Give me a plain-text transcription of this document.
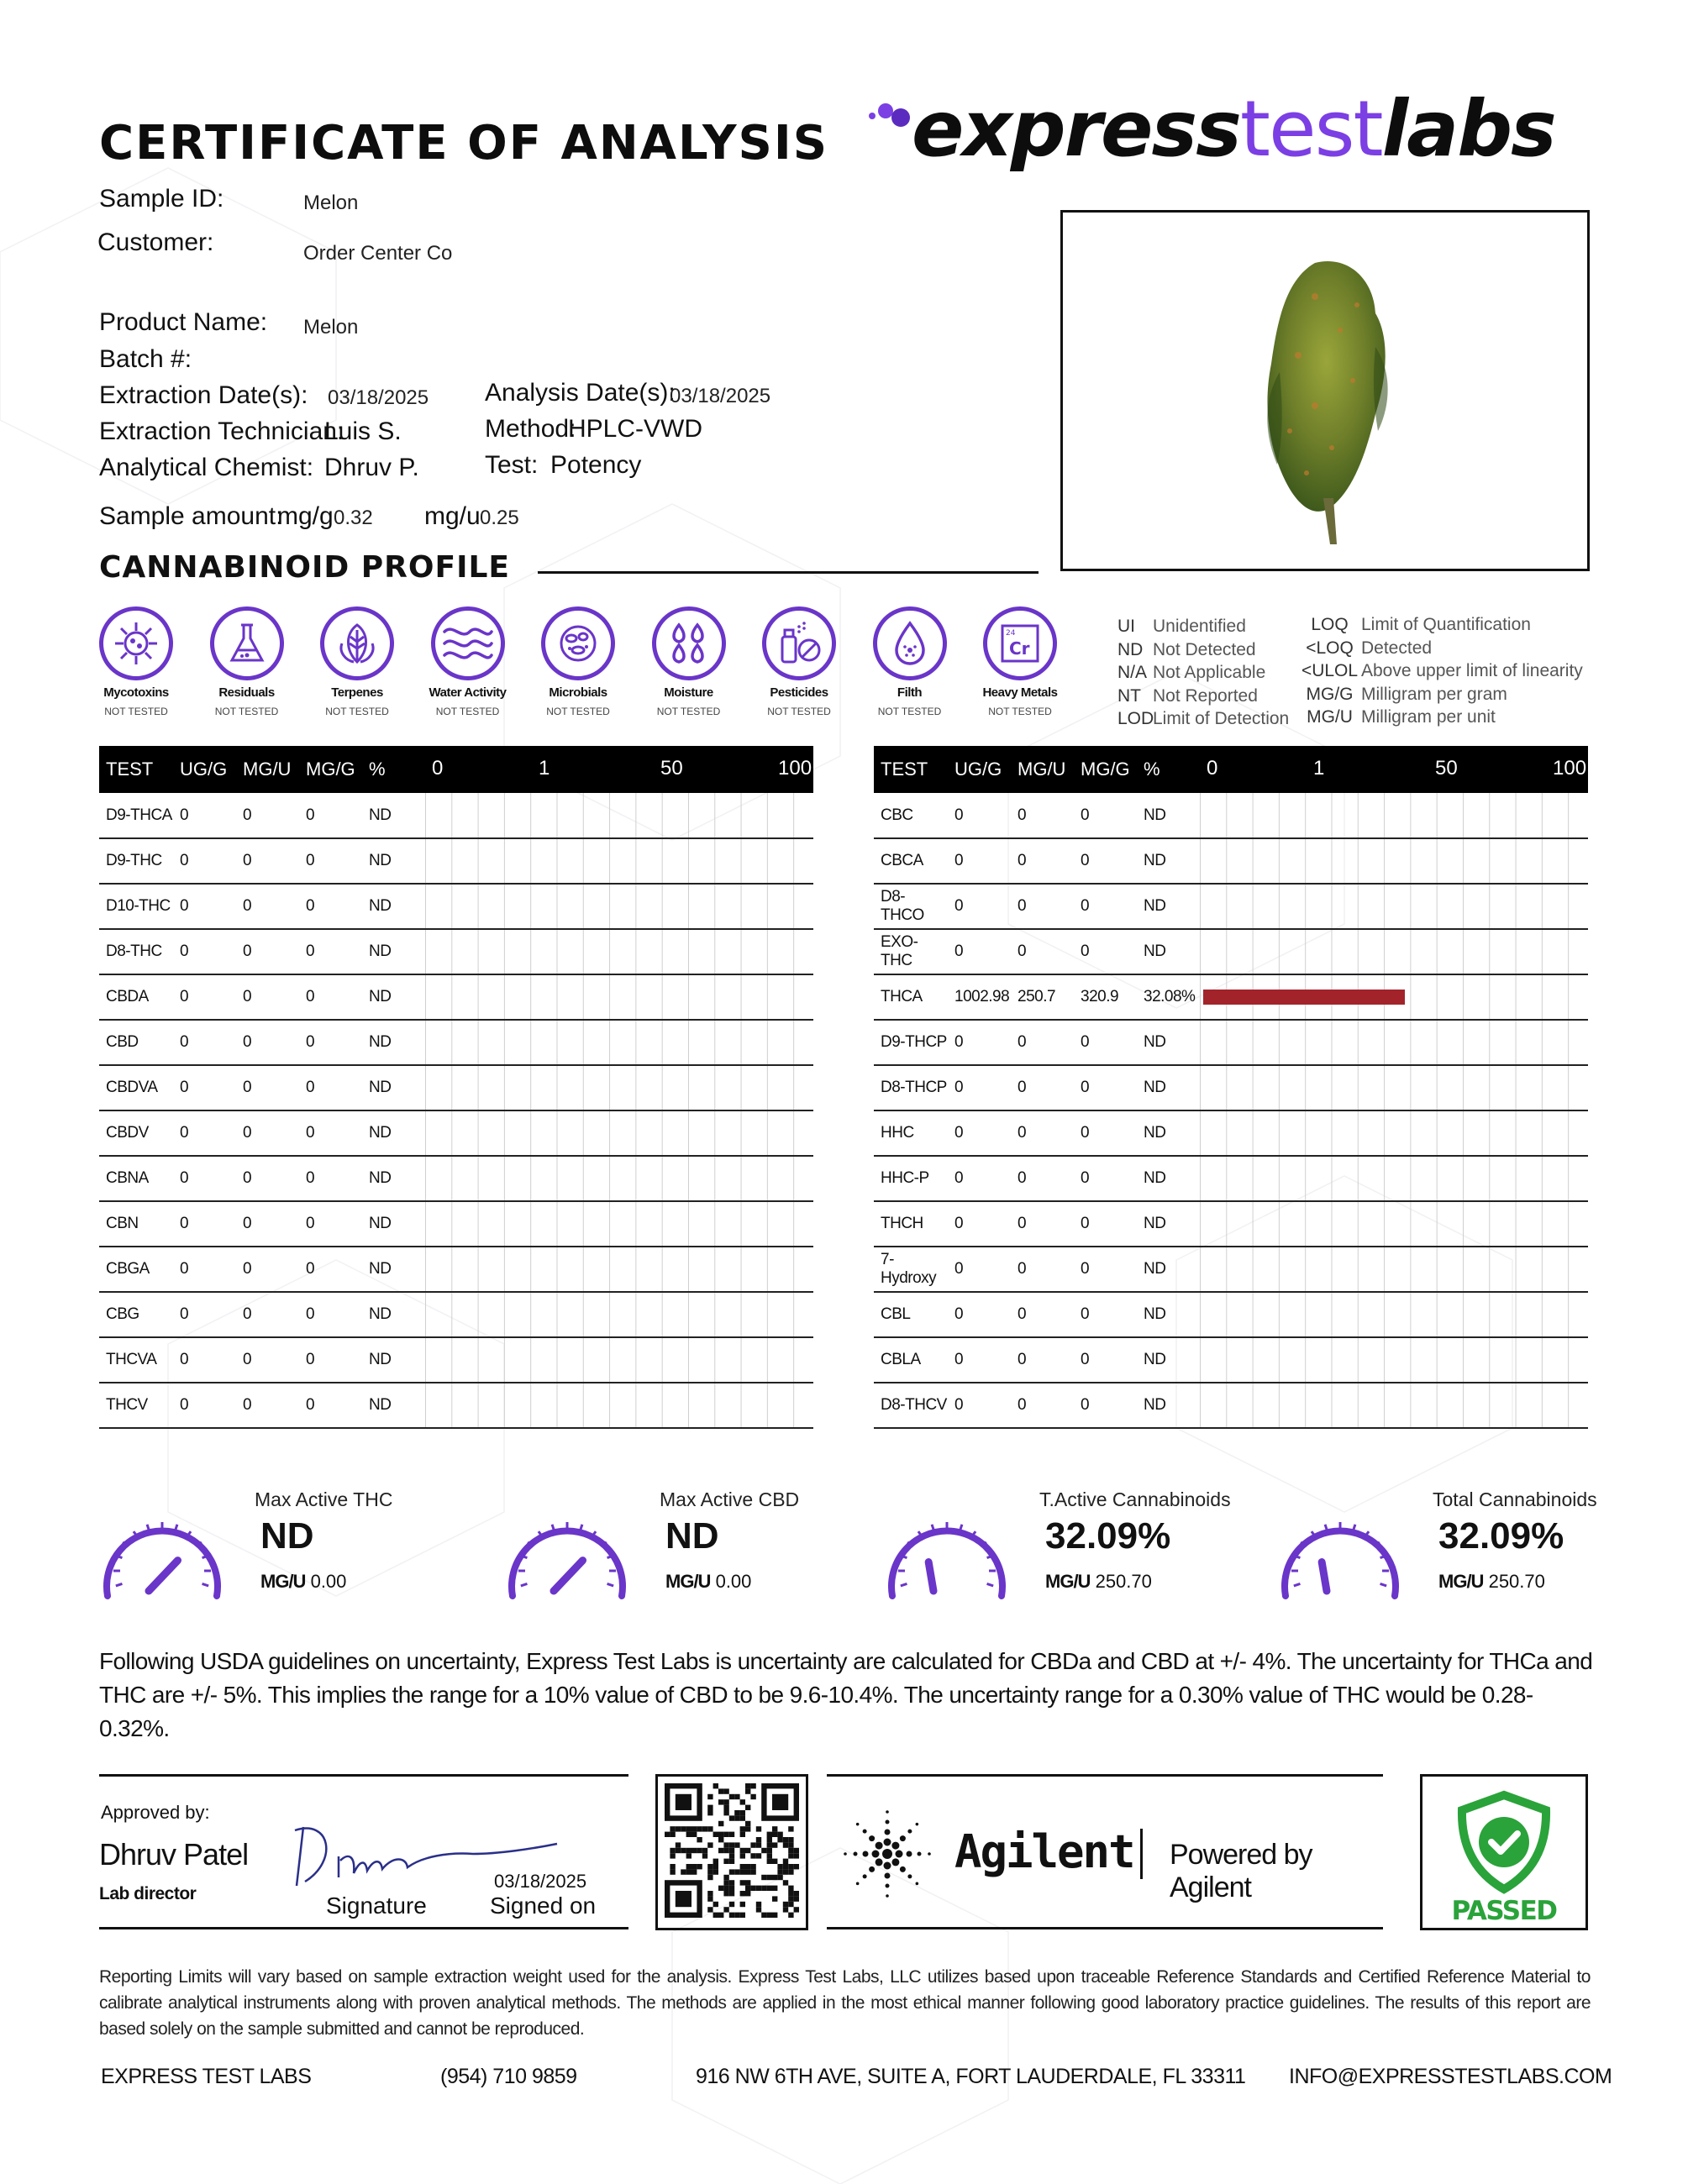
CERTIFICATE OF ANALYSIS expresstestlabs
Sample ID:	Melon
Customer:	Order Center Co
Product Name: Melon
Batch #:
Extraction Date(s): 03/18/2025 Analysis Date(s):
03/18/2025
Extraction Technician:
Luis S.	Method:
HPLC-VWD
Analytical Chemist: Dhruv P.	Test: Potency
Sample amount:
mg/g 0.32 mg/u 0.25
CANNABINOID PROFILE
Mycotoxins
NOT TESTED
Residuals
NOT TESTED
Terpenes
NOT TESTED
Water Activity
NOT TESTED
Microbials
NOT TESTED
Moisture
NOT TESTED
Pesticides
NOT TESTED
Filth
NOT TESTED
24
Cr
Heavy Metals
NOT TESTED
UI Unidentified
ND Not Detected
N/A Not Applicable
NT Not Reported
LODLimit of Detection
LOQ Limit of Quantification
<LOQ Detected
<ULOL Above upper limit of linearity
MG/G Milligram per gram
MG/U Milligram per unit
TEST	UG/G	MG/U	MG/G	%	0 1 50 100

D9-THCA	0	0	0	ND	
D9-THC	0	0	0	ND	
D10-THC	0	0	0	ND	
D8-THC	0	0	0	ND	
CBDA	0	0	0	ND	
CBD	0	0	0	ND	
CBDVA	0	0	0	ND	
CBDV	0	0	0	ND	
CBNA	0	0	0	ND	
CBN	0	0	0	ND	
CBGA	0	0	0	ND	
CBG	0	0	0	ND	
THCVA	0	0	0	ND	
THCV	0	0	0	ND	
TEST	UG/G	MG/U	MG/G	%	0 1 50 100

CBC	0	0	0	ND	
CBCA	0	0	0	ND	
D8-THCO	0	0	0	ND	
EXO-THC	0	0	0	ND	
THCA	1002.98	250.7	320.9	32.08%	

D9-THCP	0	0	0	ND	
D8-THCP	0	0	0	ND	
HHC	0	0	0	ND	
HHC-P	0	0	0	ND	
THCH	0	0	0	ND	
7-Hydroxy	0	0	0	ND	
CBL	0	0	0	ND	
CBLA	0	0	0	ND	
D8-THCV	0	0	0	ND	
Max Active THC
ND
MG/U 0.00
Max Active CBD
ND
MG/U 0.00
T.Active Cannabinoids
32.09%
MG/U 250.70
Total Cannabinoids
32.09%
MG/U 250.70
Following USDA guidelines on uncertainty, Express Test Labs is uncertainty are calculated for CBDa and CBD at +/- 4%. The uncertainty for THCa and THC are +/- 5%. This implies the range for a 10% value of CBD to be 9.6-10.4%. The uncertainty range for a 0.30% value of THC would be 0.28-0.32%.
Approved by:
Dhruv Patel
Lab director	Signature
03/18/2025
Signed on
Agilent Powered by Agilent
PASSED
Reporting Limits will vary based on sample extraction weight used for the analysis. Express Test Labs, LLC utilizes based upon traceable Reference Standards and Certified Reference Material to calibrate analytical instruments along with proven analytical methods. The methods are applied in the most ethical manner following good laboratory practice guidelines. The results of this report are based solely on the sample submitted and cannot be reproduced.
EXPRESS TEST LABS	(954) 710 9859	916 NW 6TH AVE, SUITE A, FORT LAUDERDALE, FL 33311 INFO@EXPRESSTESTLABS.COM
